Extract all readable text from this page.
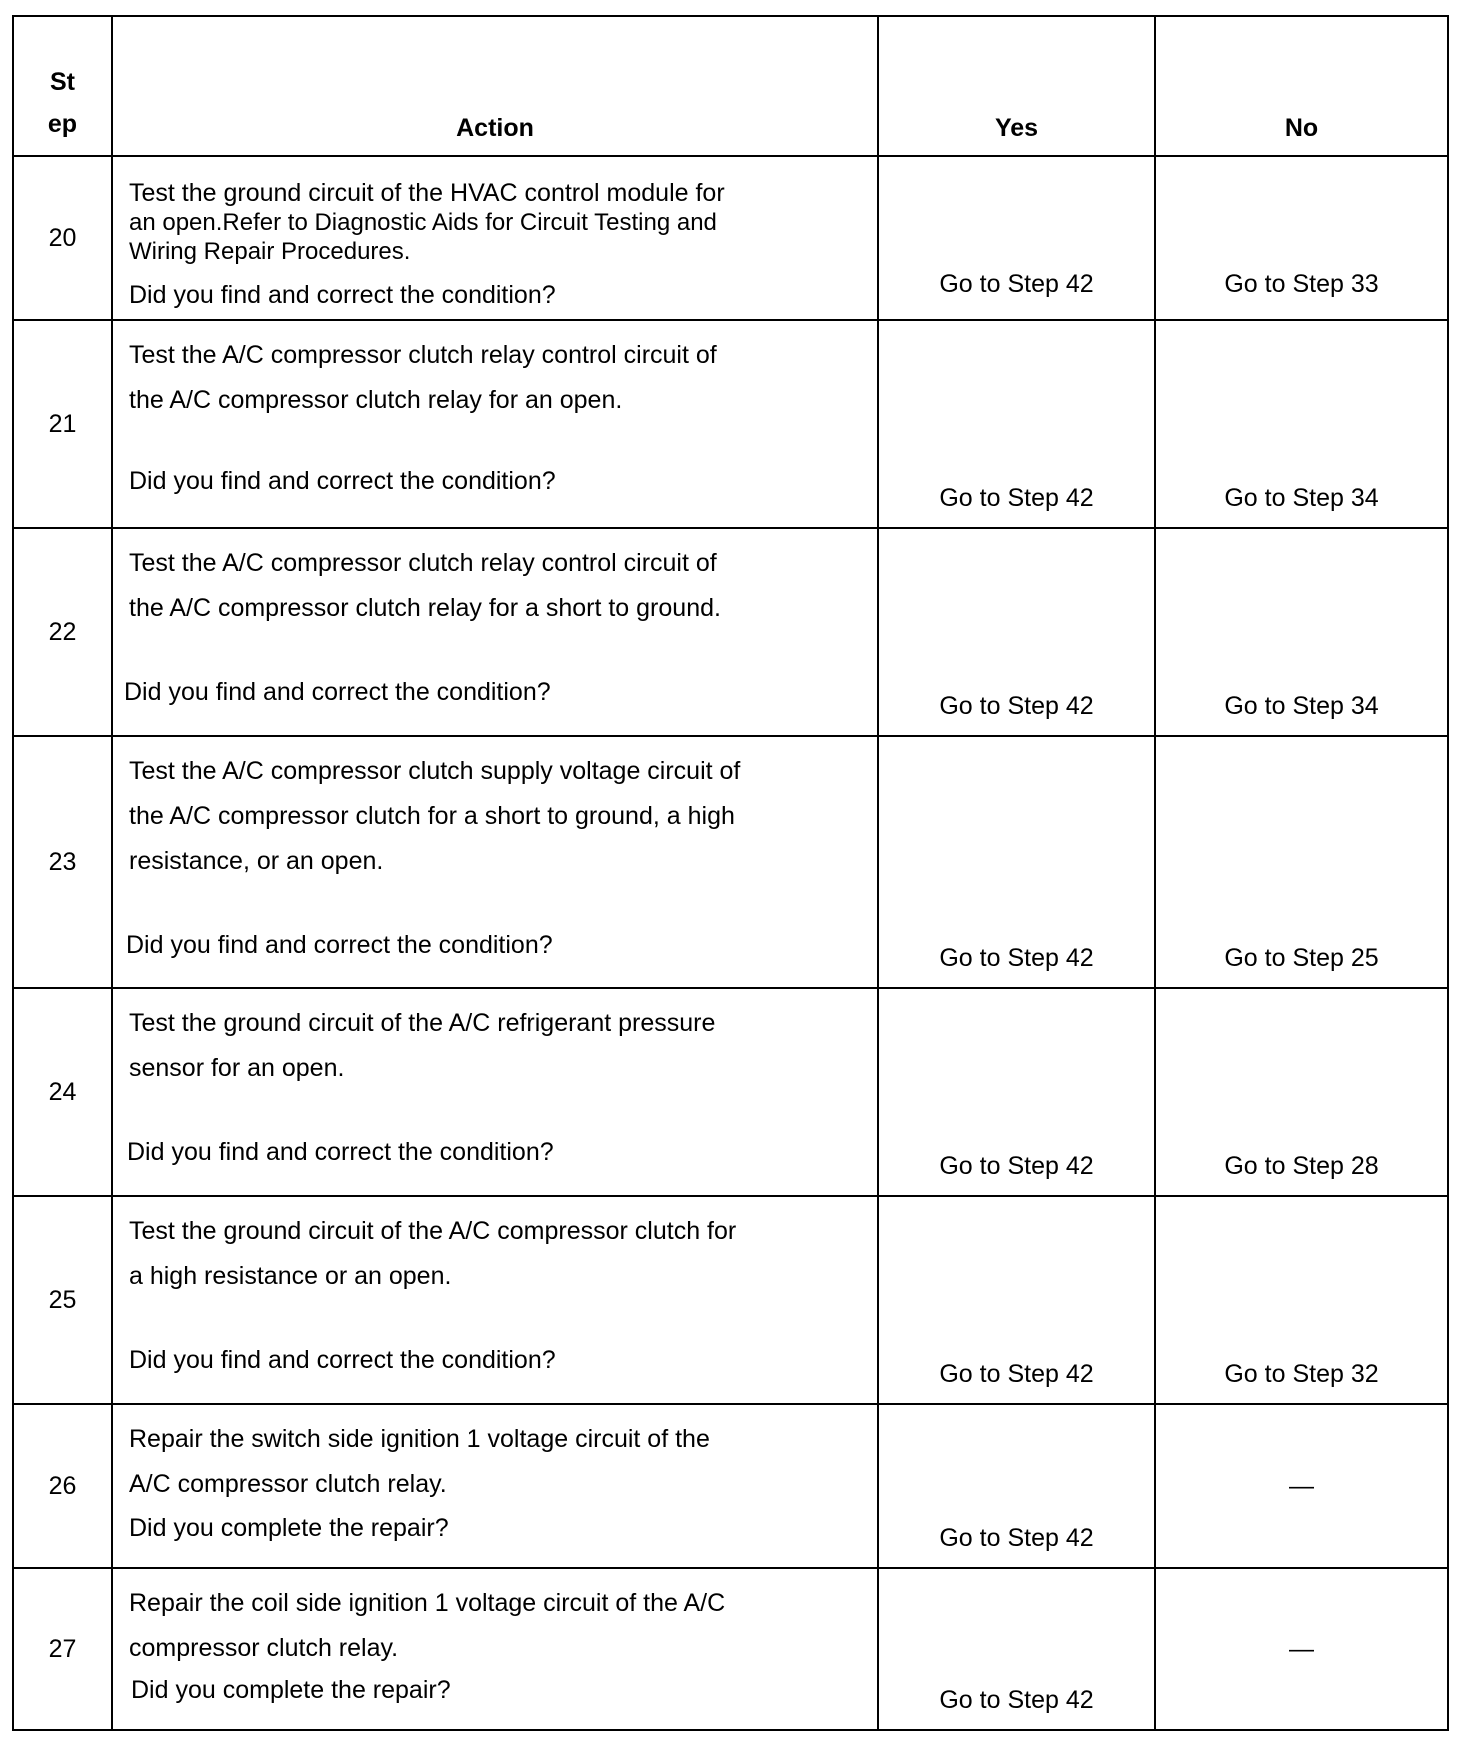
St
ep	Action	Yes	No
20	Test the ground circuit of the HVAC control module for
an open.Refer to Diagnostic Aids for Circuit Testing and
Wiring Repair Procedures.
Did you find and correct the condition?	Go to Step 42	Go to Step 33
21	Test the A/C compressor clutch relay control circuit of
the A/C compressor clutch relay for an open.
Did you find and correct the condition?	Go to Step 42	Go to Step 34
22	Test the A/C compressor clutch relay control circuit of
the A/C compressor clutch relay for a short to ground.
Did you find and correct the condition?	Go to Step 42	Go to Step 34
23	Test the A/C compressor clutch supply voltage circuit of
the A/C compressor clutch for a short to ground, a high
resistance, or an open.
Did you find and correct the condition?	Go to Step 42	Go to Step 25
24	Test the ground circuit of the A/C refrigerant pressure
sensor for an open.
Did you find and correct the condition?	Go to Step 42	Go to Step 28
25	Test the ground circuit of the A/C compressor clutch for
a high resistance or an open.
Did you find and correct the condition?	Go to Step 42	Go to Step 32
26	Repair the switch side ignition 1 voltage circuit of the
A/C compressor clutch relay.
Did you complete the repair?	Go to Step 42	—
27	Repair the coil side ignition 1 voltage circuit of the A/C
compressor clutch relay.
Did you complete the repair?	Go to Step 42	—
